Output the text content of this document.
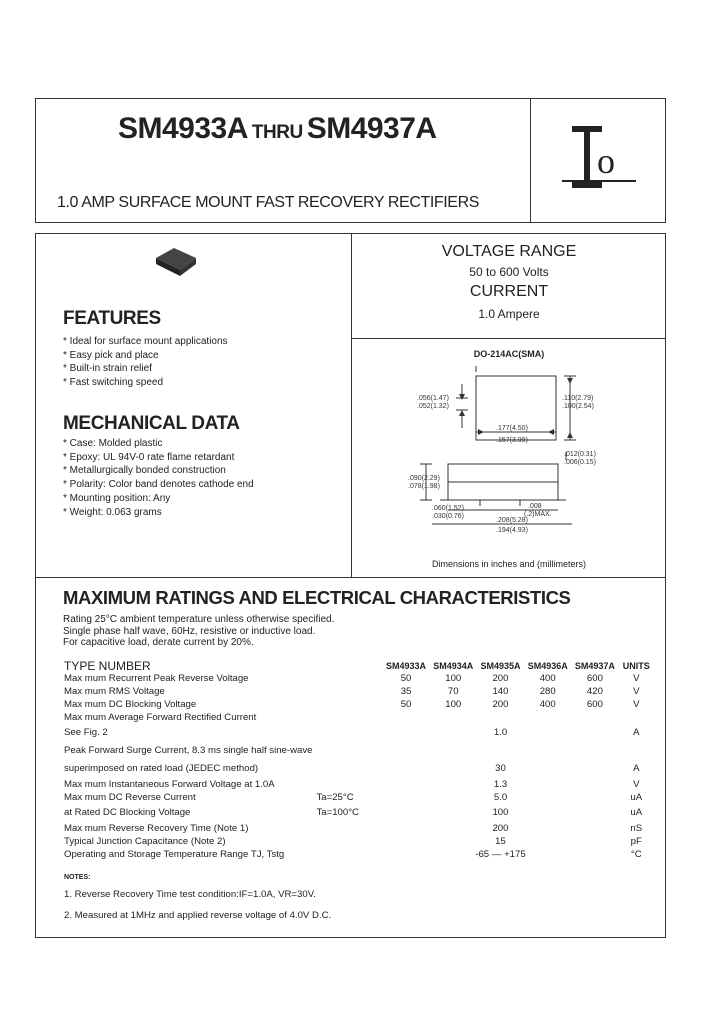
SM4933A THRU SM4937A
1.0 AMP SURFACE MOUNT FAST RECOVERY RECTIFIERS
o
FEATURES
* Ideal for surface mount applications
* Easy pick and place
* Built-in strain relief
* Fast switching speed
MECHANICAL DATA
* Case: Molded plastic
* Epoxy: UL 94V-0 rate flame retardant
* Metallurgically bonded construction
* Polarity: Color band denotes cathode end
* Mounting position: Any
* Weight: 0.063 grams
VOLTAGE RANGE
50 to 600 Volts
CURRENT
1.0 Ampere
DO-214AC(SMA)
.056(1.47)
.052(1.32)
.110(2.79)
.100(2.54)
.177(4.50)
.157(3.99)
.012(0.31)
.006(0.15)
.090(2.29)
.078(1.98)
.060(1.52)
.030(0.76)
.008
(.2)MAX.
.208(5.28)
.194(4.93)
Dimensions in inches and (millimeters)
MAXIMUM RATINGS AND ELECTRICAL CHARACTERISTICS
Rating 25°C ambient temperature unless otherwise specified.
Single phase half wave, 60Hz, resistive or inductive load.
For capacitive load, derate current by 20%.
TYPE NUMBER		SM4933A	SM4934A	SM4935A	SM4936A	SM4937A	UNITS
Max mum Recurrent Peak Reverse Voltage		50	100	200	400	600	V
Max mum RMS Voltage		35	70	140	280	420	V
Max mum DC Blocking Voltage		50	100	200	400	600	V
Max mum Average Forward Rectified Current							
See Fig. 2		1.0					A
Peak Forward Surge Current, 8.3 ms single half sine-wave							
superimposed on rated load (JEDEC method)		30					A
Max mum Instantaneous Forward Voltage at 1.0A		1.3					V
Max mum DC Reverse Current	Ta=25°C	5.0					uA
at Rated DC Blocking Voltage	Ta=100°C	100					uA
Max mum Reverse Recovery Time (Note 1)		200					nS
Typical Junction Capacitance (Note 2)		15					pF
Operating and Storage Temperature Range TJ, Tstg		-65 — +175					°C
NOTES:
1. Reverse Recovery Time test condition:IF=1.0A, VR=30V.
2. Measured at 1MHz and applied reverse voltage of 4.0V D.C.
